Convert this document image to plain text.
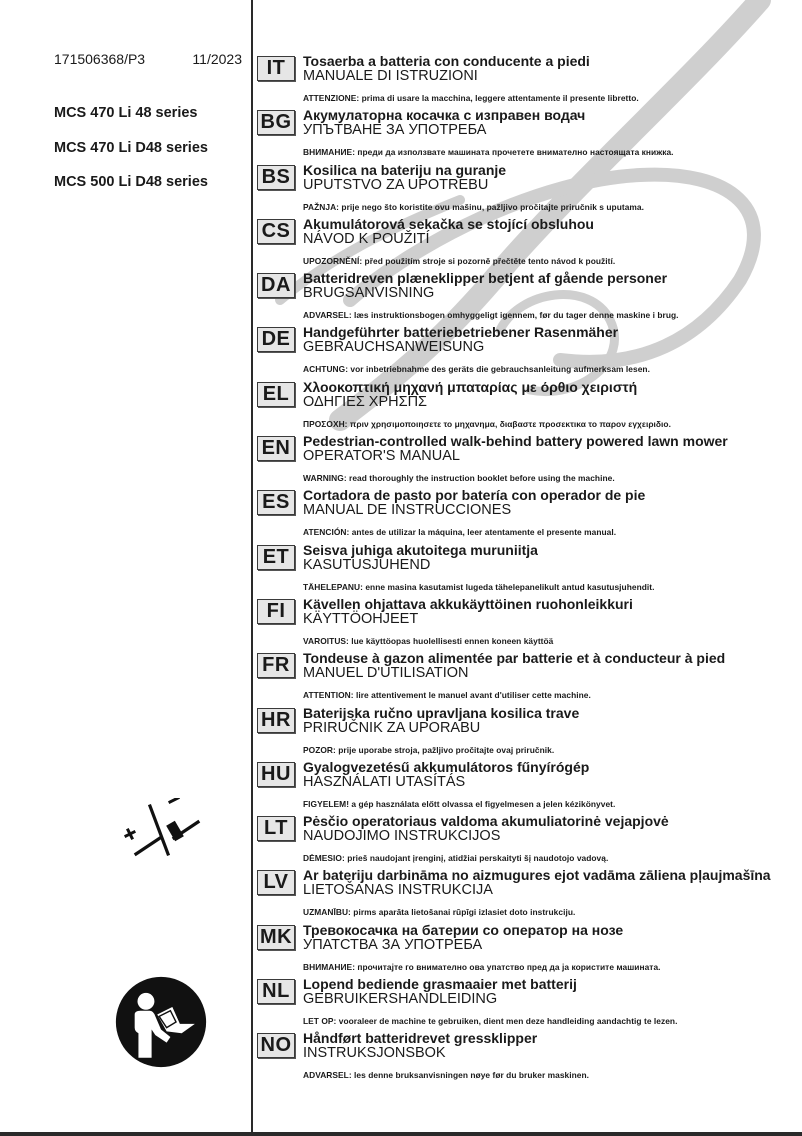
171506368/P3	11/2023
MCS 470 Li 48 series
MCS 470 Li D48 series
MCS 500 Li D48 series
IT	Tosaerba a batteria con conducente a piedi
MANUALE DI ISTRUZIONI
ATTENZIONE: prima di usare la macchina, leggere attentamente il presente libretto.
BG Акумулаторна косачка с изправен водач
УПЪТВАНЕ ЗА УПОТРЕБА
ВНИМАНИЕ: преди да използвате машината прочетете внимателно настоящата книжка.
BS Kosilica na bateriju na guranje
UPUTSTVO ZA UPOTREBU
PAŽNJA: prije nego što koristite ovu mašinu, pažljivo pročitajte priručnik s uputama.
CS Akumulátorová sekačka se stojící obsluhou
NÁVOD K POUŽITÍ
UPOZORNĚNÍ: před použitím stroje si pozorně přečtěte tento návod k použití.
DA Batteridreven plæneklipper betjent af gående personer
BRUGSANVISNING
ADVARSEL: læs instruktionsbogen omhyggeligt igennem, før du tager denne maskine i brug.
DE Handgeführter batteriebetriebener Rasenmäher
GEBRAUCHSANWEISUNG
ACHTUNG: vor inbetriebnahme des geräts die gebrauchsanleitung aufmerksam lesen.
EL Χλοοκοπτική μηχανή μπαταρίας με όρθιο χειριστή
ΟΔΗΓΙΕΣ ΧΡΗΣΠΣ
ΠΡΟΣΟΧΗ: πριν χρησιμοποιησετε το μηχανημα, διαβαστε προσεκτικα το παρον εγχειριδιο.
EN Pedestrian-controlled walk-behind battery powered lawn mower
OPERATOR'S MANUAL
WARNING: read thoroughly the instruction booklet before using the machine.
ES Cortadora de pasto por batería con operador de pie
MANUAL DE INSTRUCCIONES
ATENCIÓN: antes de utilizar la máquina, leer atentamente el presente manual.
ET Seisva juhiga akutoitega muruniitja
KASUTUSJUHEND
TÄHELEPANU: enne masina kasutamist lugeda tähelepanelikult antud kasutusjuhendit.
FI	Kävellen ohjattava akkukäyttöinen ruohonleikkuri
KÄYTTÖOHJEET
VAROITUS: lue käyttöopas huolellisesti ennen koneen käyttöä
FR Tondeuse à gazon alimentée par batterie et à conducteur à pied
MANUEL D'UTILISATION
ATTENTION: lire attentivement le manuel avant d'utiliser cette machine.
HR Baterijska ručno upravljana kosilica trave
PRIRUČNIK ZA UPORABU
POZOR: prije uporabe stroja, pažljivo pročitajte ovaj priručnik.
HU Gyalogvezetésű akkumulátoros fűnyírógép
HASZNÁLATI UTASÍTÁS
FIGYELEM! a gép használata előtt olvassa el figyelmesen a jelen kézikönyvet.
LT	Pėsčio operatoriaus valdoma akumuliatorinė vejapjovė
NAUDOJIMO INSTRUKCIJOS
DĖMESIO: prieš naudojant įrenginį, atidžiai perskaityti šį naudotojo vadovą.
LV	Ar bateriju darbināma no aizmugures ejot vadāma zāliena pļaujmašīna
LIETOŠANAS INSTRUKCIJA
UZMANĪBU: pirms aparāta lietošanai rūpīgi izlasiet doto instrukciju.
MK Тревокосачка на батерии со оператор на нозе
УПАТСТВА ЗА УПОТРЕБА
ВНИМАНИЕ: прочитајте го внимателно ова упатство пред да ја користите машината.
NL Lopend bediende grasmaaier met batterij
GEBRUIKERSHANDLEIDING
LET OP: vooraleer de machine te gebruiken, dient men deze handleiding aandachtig te lezen.
NO Håndført batteridrevet gressklipper
INSTRUKSJONSBOK
ADVARSEL: les denne bruksanvisningen nøye før du bruker maskinen.
